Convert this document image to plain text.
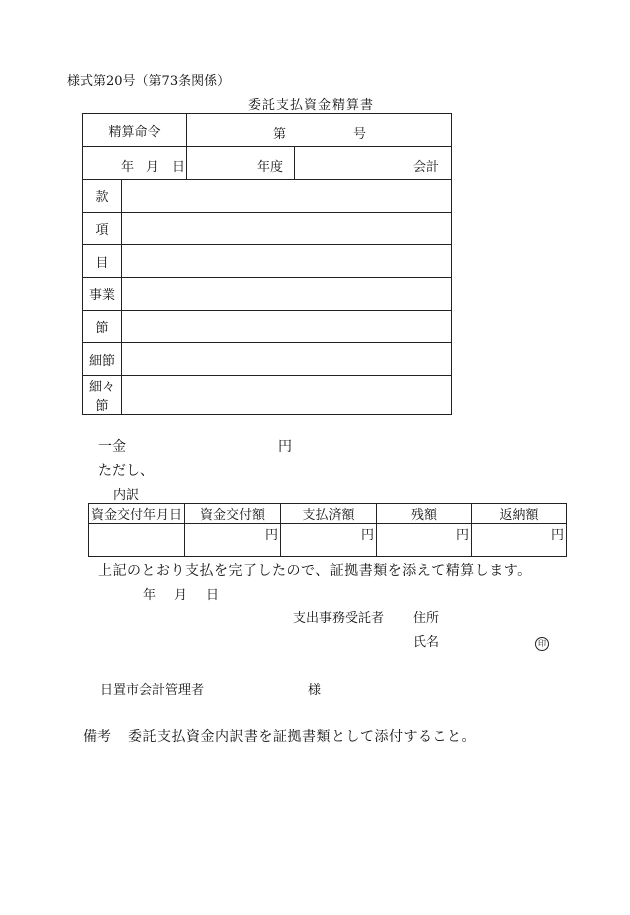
様式第20号（第73条関係）
委託支払資金精算書
精算命令	第 号	

年 月 日	年度	会計
款	
項	
目	
事業	
節	
細節	
細々節	
一金	円
ただし、
内訳
資金交付年月日	資金交付額	支払済額	残額	返納額
	円	円	円	円
上記のとおり支払を完了したので、証拠書類を添えて精算します。
年 月 日
支出事務受託者 住所
氏名	印
日置市会計管理者	様
備考 委託支払資金内訳書を証拠書類として添付すること。
